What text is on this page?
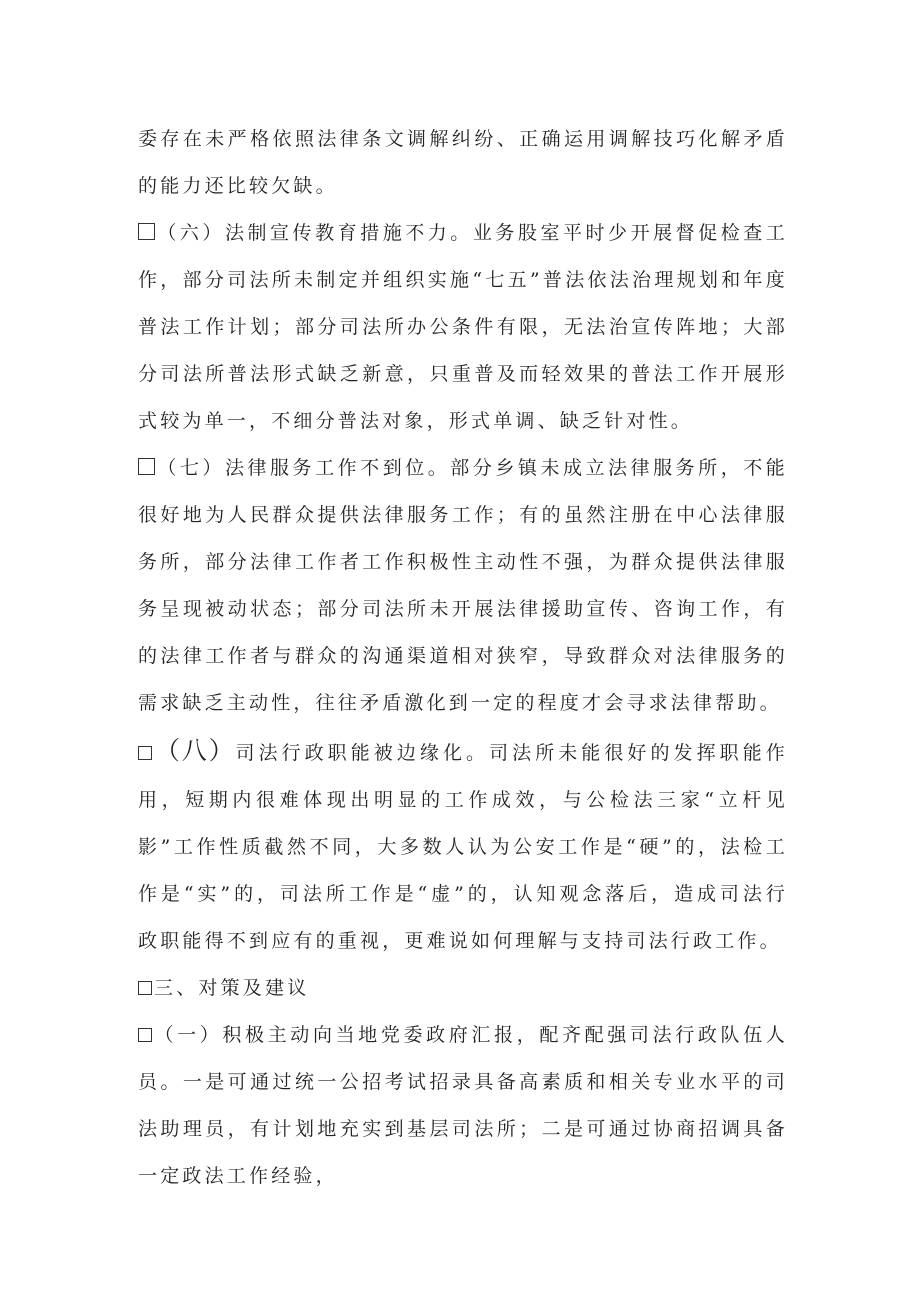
委存在未严格依照法律条文调解纠纷、正确运用调解技巧化解矛盾的能力还比较欠缺。

（六）法制宣传教育措施不力。业务股室平时少开展督促检查工作，部分司法所未制定并组织实施“七五”普法依法治理规划和年度普法工作计划；部分司法所办公条件有限，无法治宣传阵地；大部分司法所普法形式缺乏新意，只重普及而轻效果的普法工作开展形式较为单一，不细分普法对象，形式单调、缺乏针对性。

（七）法律服务工作不到位。部分乡镇未成立法律服务所，不能很好地为人民群众提供法律服务工作；有的虽然注册在中心法律服务所，部分法律工作者工作积极性主动性不强，为群众提供法律服务呈现被动状态；部分司法所未开展法律援助宣传、咨询工作，有的法律工作者与群众的沟通渠道相对狭窄，导致群众对法律服务的需求缺乏主动性，往往矛盾激化到一定的程度才会寻求法律帮助。

（八）司法行政职能被边缘化。司法所未能很好的发挥职能作用，短期内很难体现出明显的工作成效，与公检法三家“立杆见影”工作性质截然不同，大多数人认为公安工作是“硬”的，法检工作是“实”的，司法所工作是“虚”的，认知观念落后，造成司法行政职能得不到应有的重视，更难说如何理解与支持司法行政工作。

三、对策及建议

（一）积极主动向当地党委政府汇报，配齐配强司法行政队伍人员。一是可通过统一公招考试招录具备高素质和相关专业水平的司法助理员，有计划地充实到基层司法所；二是可通过协商招调具备一定政法工作经验，
